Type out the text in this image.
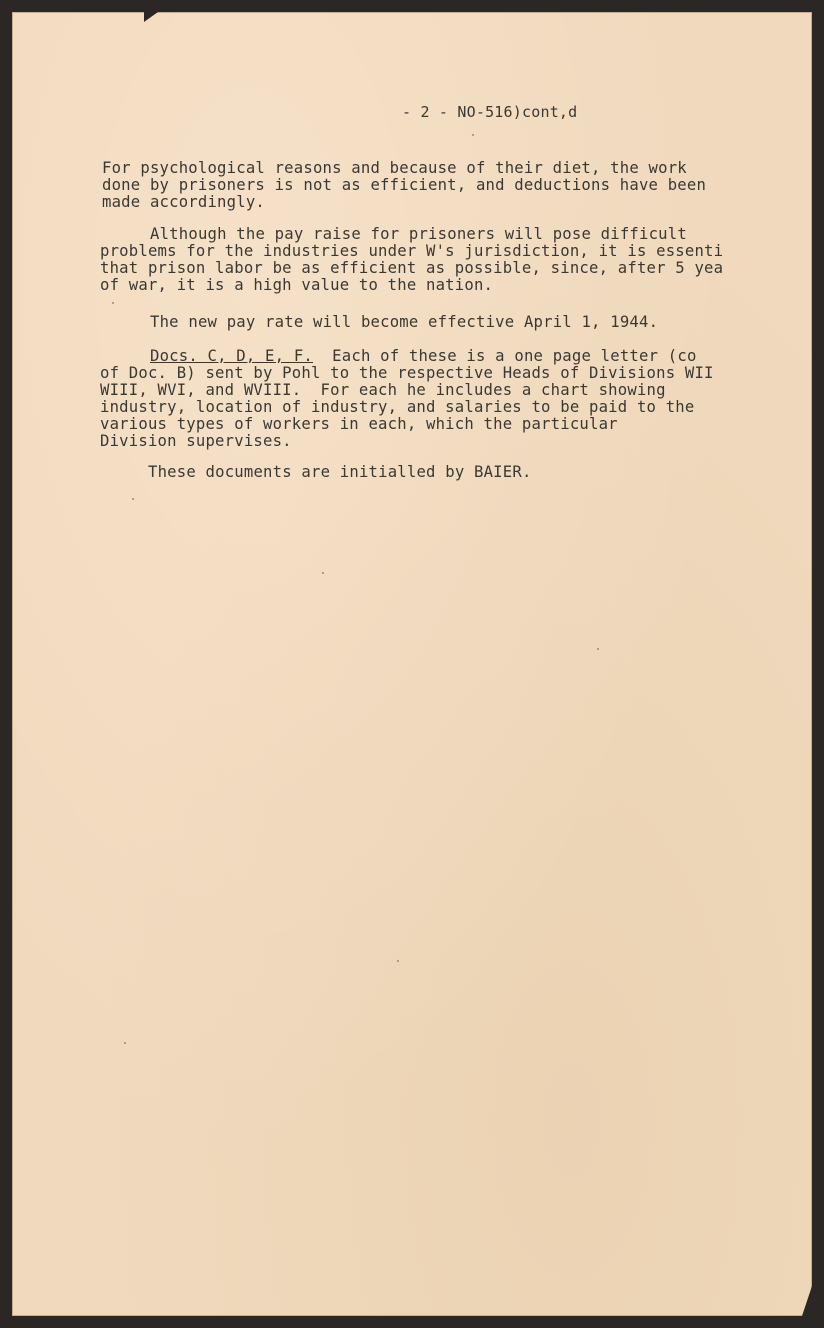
- 2 - NO-516)cont,d
For psychological reasons and because of their diet, the work
done by prisoners is not as efficient, and deductions have been
made accordingly.
Although the pay raise for prisoners will pose difficult
problems for the industries under W's jurisdiction, it is essenti
that prison labor be as efficient as possible, since, after 5 yea
of war, it is a high value to the nation.
The new pay rate will become effective April 1, 1944.
Docs. C, D, E, F.  Each of these is a one page letter (co
of Doc. B) sent by Pohl to the respective Heads of Divisions WII
WIII, WVI, and WVIII.  For each he includes a chart showing
industry, location of industry, and salaries to be paid to the
various types of workers in each, which the particular
Division supervises.
These documents are initialled by BAIER.
